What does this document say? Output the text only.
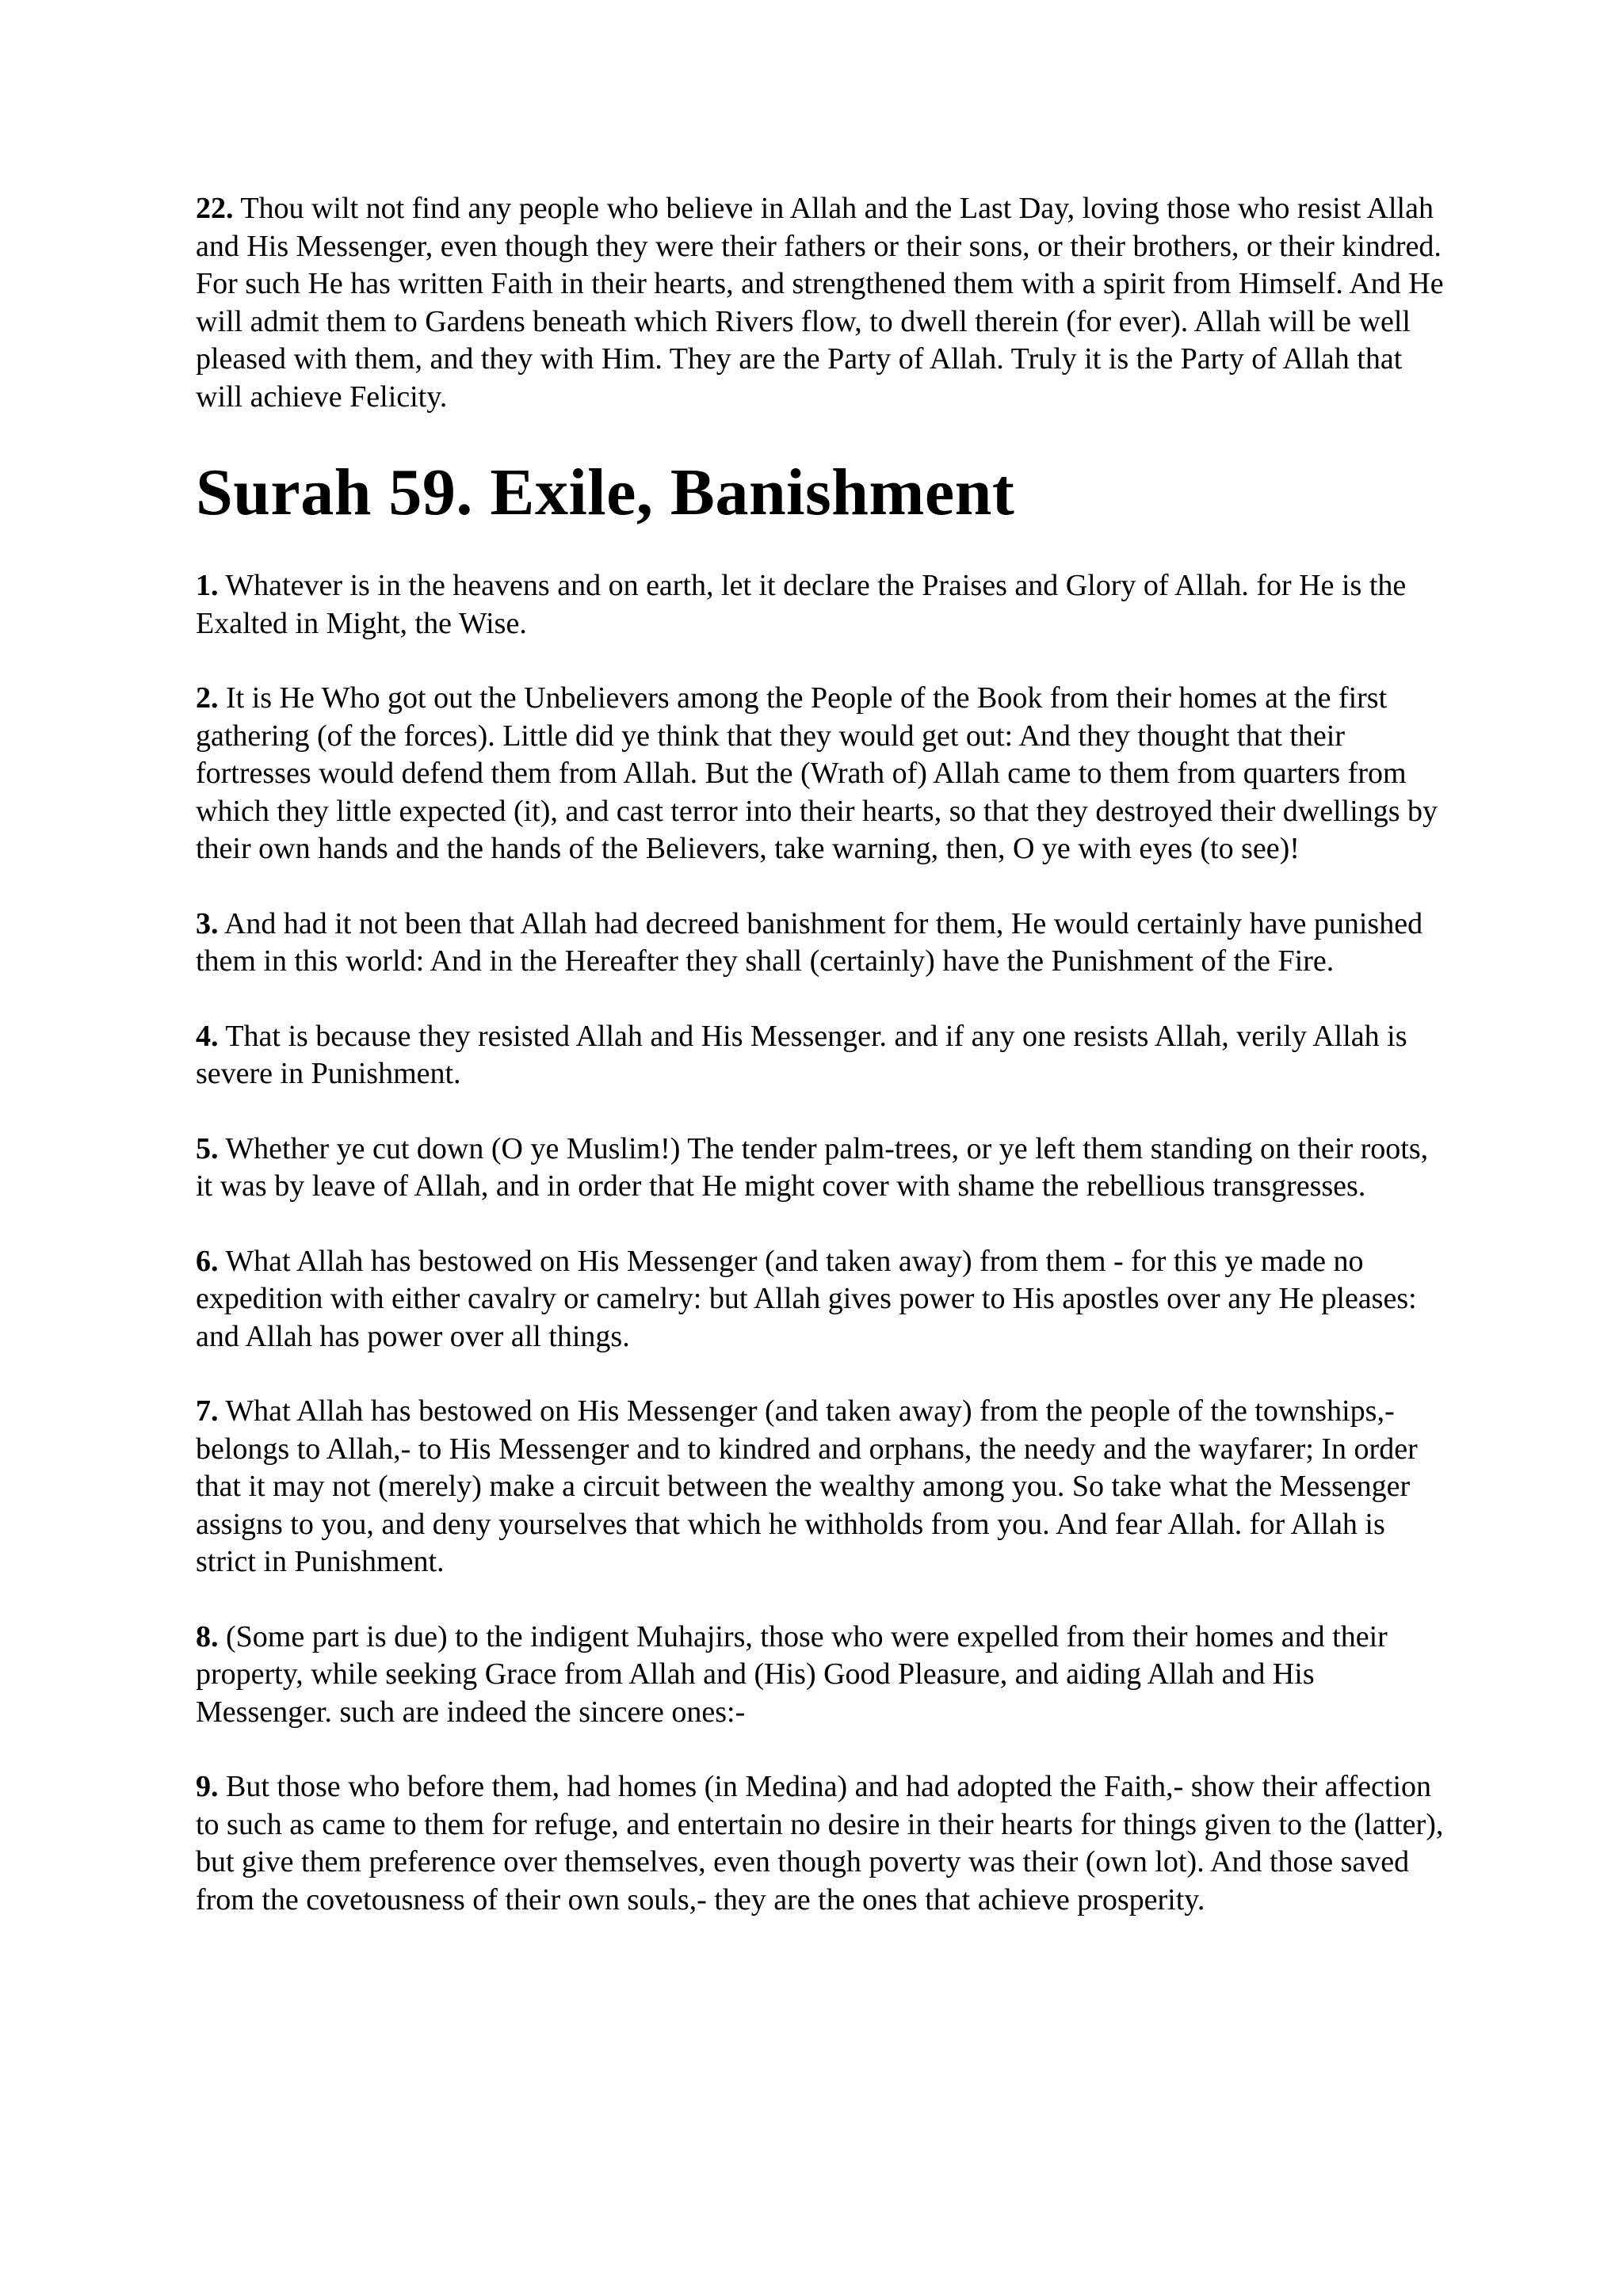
22. Thou wilt not find any people who believe in Allah and the Last Day, loving those who resist Allah and His Messenger, even though they were their fathers or their sons, or their brothers, or their kindred. For such He has written Faith in their hearts, and strengthened them with a spirit from Himself. And He will admit them to Gardens beneath which Rivers flow, to dwell therein (for ever). Allah will be well pleased with them, and they with Him. They are the Party of Allah. Truly it is the Party of Allah that will achieve Felicity.

Surah 59. Exile, Banishment

1. Whatever is in the heavens and on earth, let it declare the Praises and Glory of Allah. for He is the Exalted in Might, the Wise.

2. It is He Who got out the Unbelievers among the People of the Book from their homes at the first gathering (of the forces). Little did ye think that they would get out: And they thought that their fortresses would defend them from Allah. But the (Wrath of) Allah came to them from quarters from which they little expected (it), and cast terror into their hearts, so that they destroyed their dwellings by their own hands and the hands of the Believers, take warning, then, O ye with eyes (to see)!

3. And had it not been that Allah had decreed banishment for them, He would certainly have punished them in this world: And in the Hereafter they shall (certainly) have the Punishment of the Fire.

4. That is because they resisted Allah and His Messenger. and if any one resists Allah, verily Allah is severe in Punishment.

5. Whether ye cut down (O ye Muslim!) The tender palm-trees, or ye left them standing on their roots, it was by leave of Allah, and in order that He might cover with shame the rebellious transgresses.

6. What Allah has bestowed on His Messenger (and taken away) from them - for this ye made no expedition with either cavalry or camelry: but Allah gives power to His apostles over any He pleases: and Allah has power over all things.

7. What Allah has bestowed on His Messenger (and taken away) from the people of the townships,- belongs to Allah,- to His Messenger and to kindred and orphans, the needy and the wayfarer; In order that it may not (merely) make a circuit between the wealthy among you. So take what the Messenger assigns to you, and deny yourselves that which he withholds from you. And fear Allah. for Allah is strict in Punishment.

8. (Some part is due) to the indigent Muhajirs, those who were expelled from their homes and their property, while seeking Grace from Allah and (His) Good Pleasure, and aiding Allah and His Messenger. such are indeed the sincere ones:-

9. But those who before them, had homes (in Medina) and had adopted the Faith,- show their affection to such as came to them for refuge, and entertain no desire in their hearts for things given to the (latter), but give them preference over themselves, even though poverty was their (own lot). And those saved from the covetousness of their own souls,- they are the ones that achieve prosperity.
